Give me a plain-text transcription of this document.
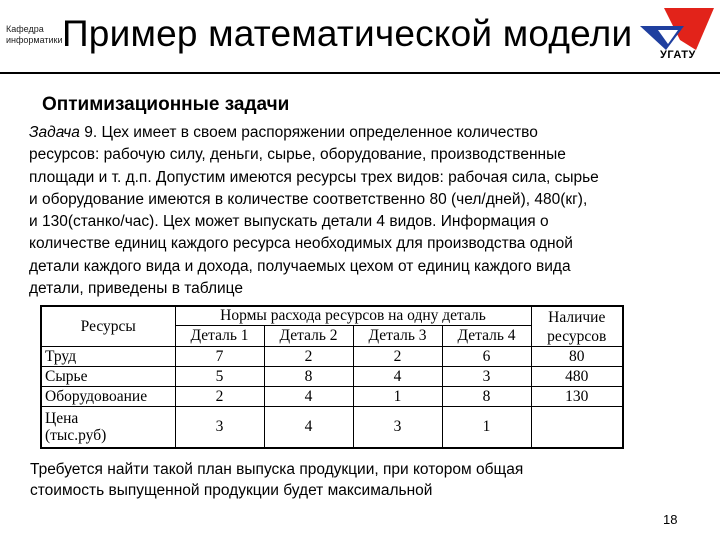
Кафедра
информатики Пример математической модели
УГАТУ
Оптимизационные задачи
Задача 9. Цех имеет в своем распоряжении определенное количество
ресурсов: рабочую силу, деньги, сырье, оборудование, производственные
площади и т. д.п. Допустим имеются ресурсы трех видов: рабочая сила, сырье
и оборудование имеются в количестве соответственно 80 (чел/дней), 480(кг),
и 130(станко/час). Цех может выпускать детали 4 видов. Информация о
количестве единиц каждого ресурса необходимых для производства одной
детали каждого вида и дохода, получаемых цехом от единиц каждого вида
детали, приведены в таблице
Ресурсы	Нормы расхода ресурсов на одну деталь				Наличие
ресурсов

	Деталь 1	Деталь 2	Деталь 3	Деталь 4	
Труд	7	2	2	6	80
Сырье	5	8	4	3	480
Оборудовоание	2	4	1	8	130

Цена
(тыс.руб)	3	4	3	1	
Требуется найти такой план выпуска продукции, при котором общая
стоимость выпущенной продукции будет максимальной
18
